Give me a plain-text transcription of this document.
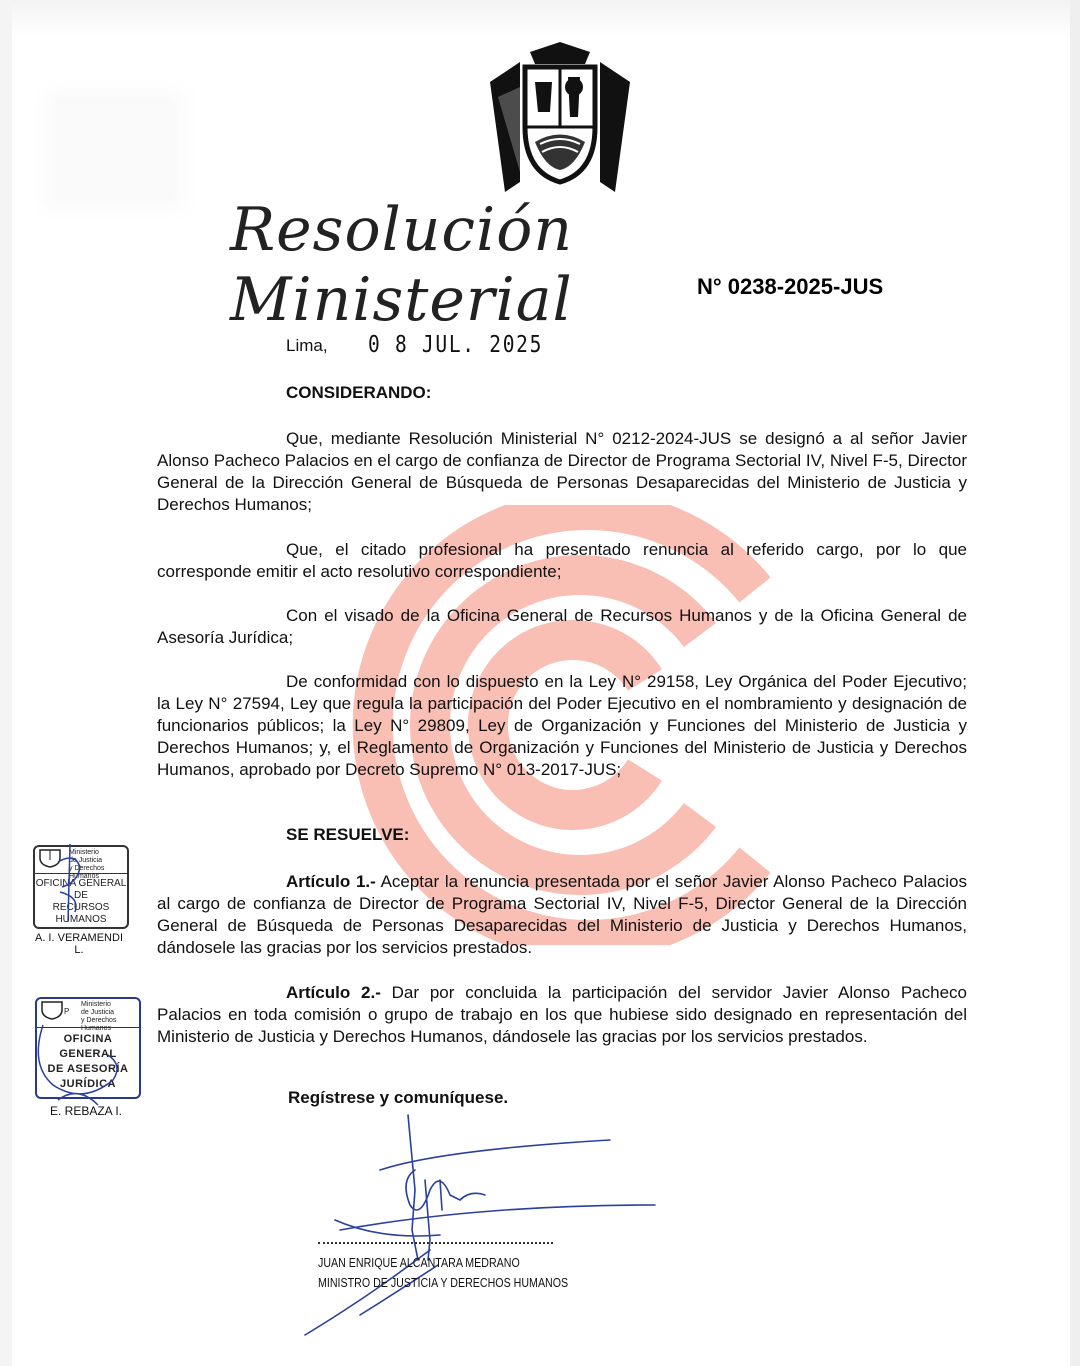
Resolución Ministerial	N° 0238-2025-JUS
Lima, 0 8 JUL. 2025
CONSIDERANDO:

Que, mediante Resolución Ministerial N° 0212-2024-JUS se designó a al señor Javier Alonso Pacheco Palacios en el cargo de confianza de Director de Programa Sectorial IV, Nivel F-5, Director General de la Dirección General de Búsqueda de Personas Desaparecidas del Ministerio de Justicia y Derechos Humanos;

Que, el citado profesional ha presentado renuncia al referido cargo, por lo que corresponde emitir el acto resolutivo correspondiente;

Con el visado de la Oficina General de Recursos Humanos y de la Oficina General de Asesoría Jurídica;

De conformidad con lo dispuesto en la Ley N° 29158, Ley Orgánica del Poder Ejecutivo; la Ley N° 27594, Ley que regula la participación del Poder Ejecutivo en el nombramiento y designación de funcionarios públicos; la Ley N° 29809, Ley de Organización y Funciones del Ministerio de Justicia y Derechos Humanos; y, el Reglamento de Organización y Funciones del Ministerio de Justicia y Derechos Humanos, aprobado por Decreto Supremo N° 013-2017-JUS;

SE RESUELVE:

Artículo 1.- Aceptar la renuncia presentada por el señor Javier Alonso Pacheco Palacios al cargo de confianza de Director de Programa Sectorial IV, Nivel F-5, Director General de la Dirección General de Búsqueda de Personas Desaparecidas del Ministerio de Justicia y Derechos Humanos, dándosele las gracias por los servicios prestados.

Artículo 2.- Dar por concluida la participación del servidor Javier Alonso Pacheco Palacios en toda comisión o grupo de trabajo en los que hubiese sido designado en representación del Ministerio de Justicia y Derechos Humanos, dándosele las gracias por los servicios prestados.

Regístrese y comuníquese.
JUAN ENRIQUE ALCANTARA MEDRANO
MINISTRO DE JUSTICIA Y DERECHOS HUMANOS
Ministerio
de Justicia
y Derechos Humanos
OFICINA GENERAL
DE
RECURSOS HUMANOS
A. I. VERAMENDI L.
Ministerio
de Justicia
y Derechos Humanos
OFICINA
GENERAL
DE ASESORÍA
JURÍDICA
P
E. REBAZA I.
